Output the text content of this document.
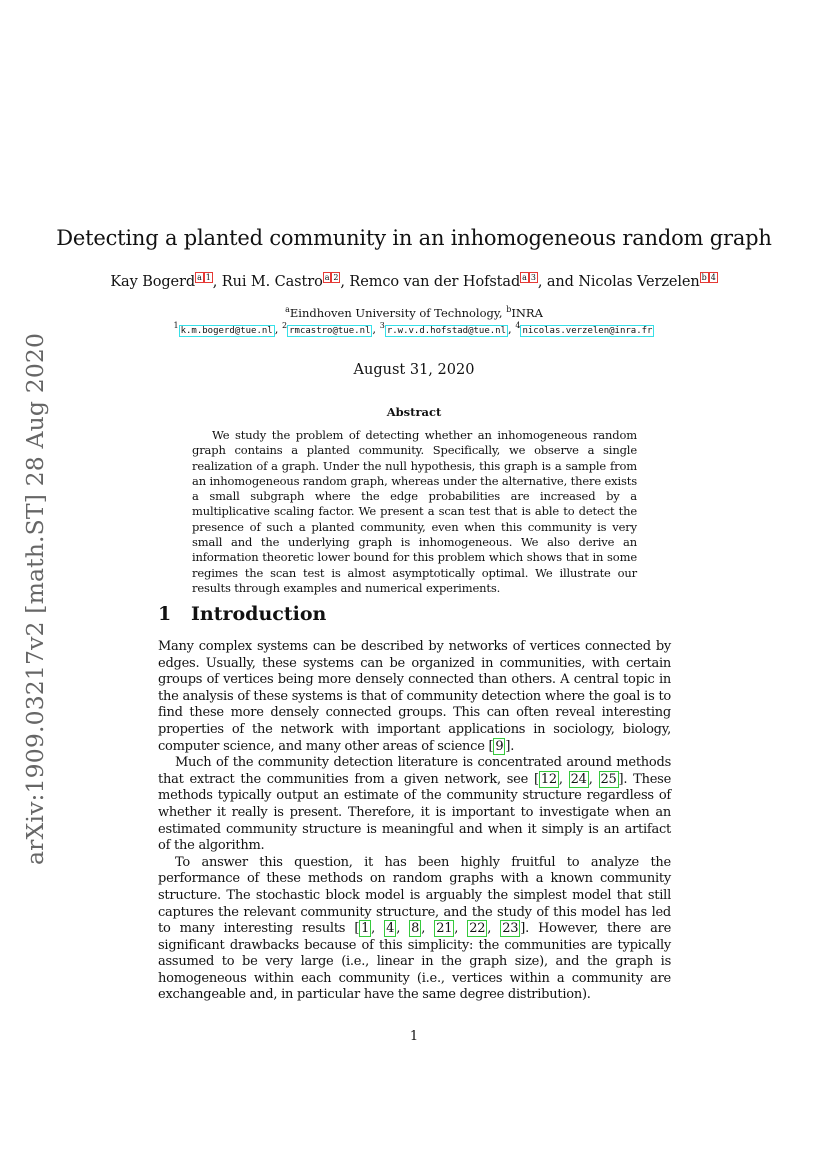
arXiv:1909.03217v2 [math.ST] 28 Aug 2020
Detecting a planted community in an inhomogeneous random graph
Kay Bogerd $^a$ $^1$ , Rui M. Castro $^a$ $^2$ , Remco van der Hofstad $^a$ $^3$ , and Nicolas Verzelen $^b$ $^4$
$^a$Eindhoven University of Technology, $^b$INRA
$^1$k.m.bogerd@tue.nl , $^2$rmcastro@tue.nl , $^3$r.w.v.d.hofstad@tue.nl , $^4$nicolas.verzelen@inra.fr
August 31, 2020
Abstract
We study the problem of detecting whether an inhomogeneous random graph contains a planted community. Specifically, we observe a single realization of a graph. Under the null hypothesis, this graph is a sample from an inhomogeneous random graph, whereas under the alternative, there exists a small subgraph where the edge probabilities are increased by a multiplicative scaling factor. We present a scan test that is able to detect the presence of such a planted community, even when this community is very small and the underlying graph is inhomogeneous. We also derive an information theoretic lower bound for this problem which shows that in some regimes the scan test is almost asymptotically optimal. We illustrate our results through examples and numerical experiments.
1 Introduction

Many complex systems can be described by networks of vertices connected by edges. Usually, these systems can be organized in communities, with certain groups of vertices being more densely connected than others. A central topic in the analysis of these systems is that of community detection where the goal is to find these more densely connected groups. This can often reveal interesting properties of the network with important applications in sociology, biology, computer science, and many other areas of science [ 9 ].

Much of the community detection literature is concentrated around methods that extract the communities from a given network, see [ 12 , 24 , 25 ]. These methods typically output an estimate of the community structure regardless of whether it really is present. Therefore, it is important to investigate when an estimated community structure is meaningful and when it simply is an artifact of the algorithm.

To answer this question, it has been highly fruitful to analyze the performance of these methods on random graphs with a known community structure. The stochastic block model is arguably the simplest model that still captures the relevant community structure, and the study of this model has led to many interesting results [ 1 , 4 , 8 , 21 , 22 , 23 ]. However, there are significant drawbacks because of this simplicity: the communities are typically assumed to be very large (i.e., linear in the graph size), and the graph is homogeneous within each community (i.e., vertices within a community are exchangeable and, in particular have the same degree distribution).

1
